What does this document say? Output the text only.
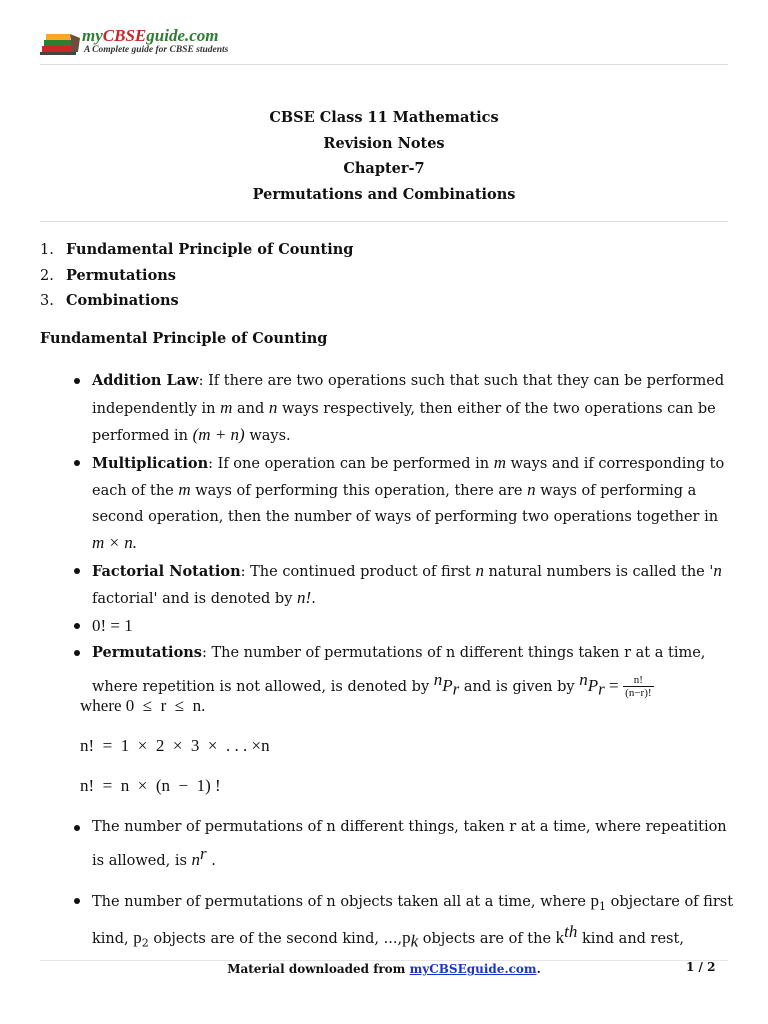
myCBSEguide.com
A Complete guide for CBSE students
CBSE Class 11 Mathematics
Revision Notes
Chapter-7
Permutations and Combinations
1. Fundamental Principle of Counting
2. Permutations
3. Combinations
Fundamental Principle of Counting
Addition Law: If there are two operations such that such that they can be performed independently in m and n ways respectively, then either of the two operations can be performed in (m + n) ways.
Multiplication: If one operation can be performed in m ways and if corresponding to each of the m ways of performing this operation, there are n ways of performing a second operation, then the number of ways of performing two operations together in m × n.
Factorial Notation: The continued product of first n natural numbers is called the 'n factorial' and is denoted by n!.
0! = 1
Permutations: The number of permutations of n different things taken r at a time, where repetition is not allowed, is denoted by $^nP_r$ and is given by $^nP_r = \frac{n!}{(n-r)!}$
where 0  ≤  r  ≤  n.
n!  =  1  ×  2  ×  3  ×  . . . ×n
n!  =  n  ×  (n  −  1) !
The number of permutations of n different things, taken r at a time, where repeatition is allowed, is $n^r$ .
The number of permutations of n objects taken all at a time, where $p_1$ objectare of first kind, $p_2$ objects are of the second kind, $...,p_k$ objects are of the $k^{th}$ kind and rest,
Material downloaded from myCBSEguide.com.	1 / 2
